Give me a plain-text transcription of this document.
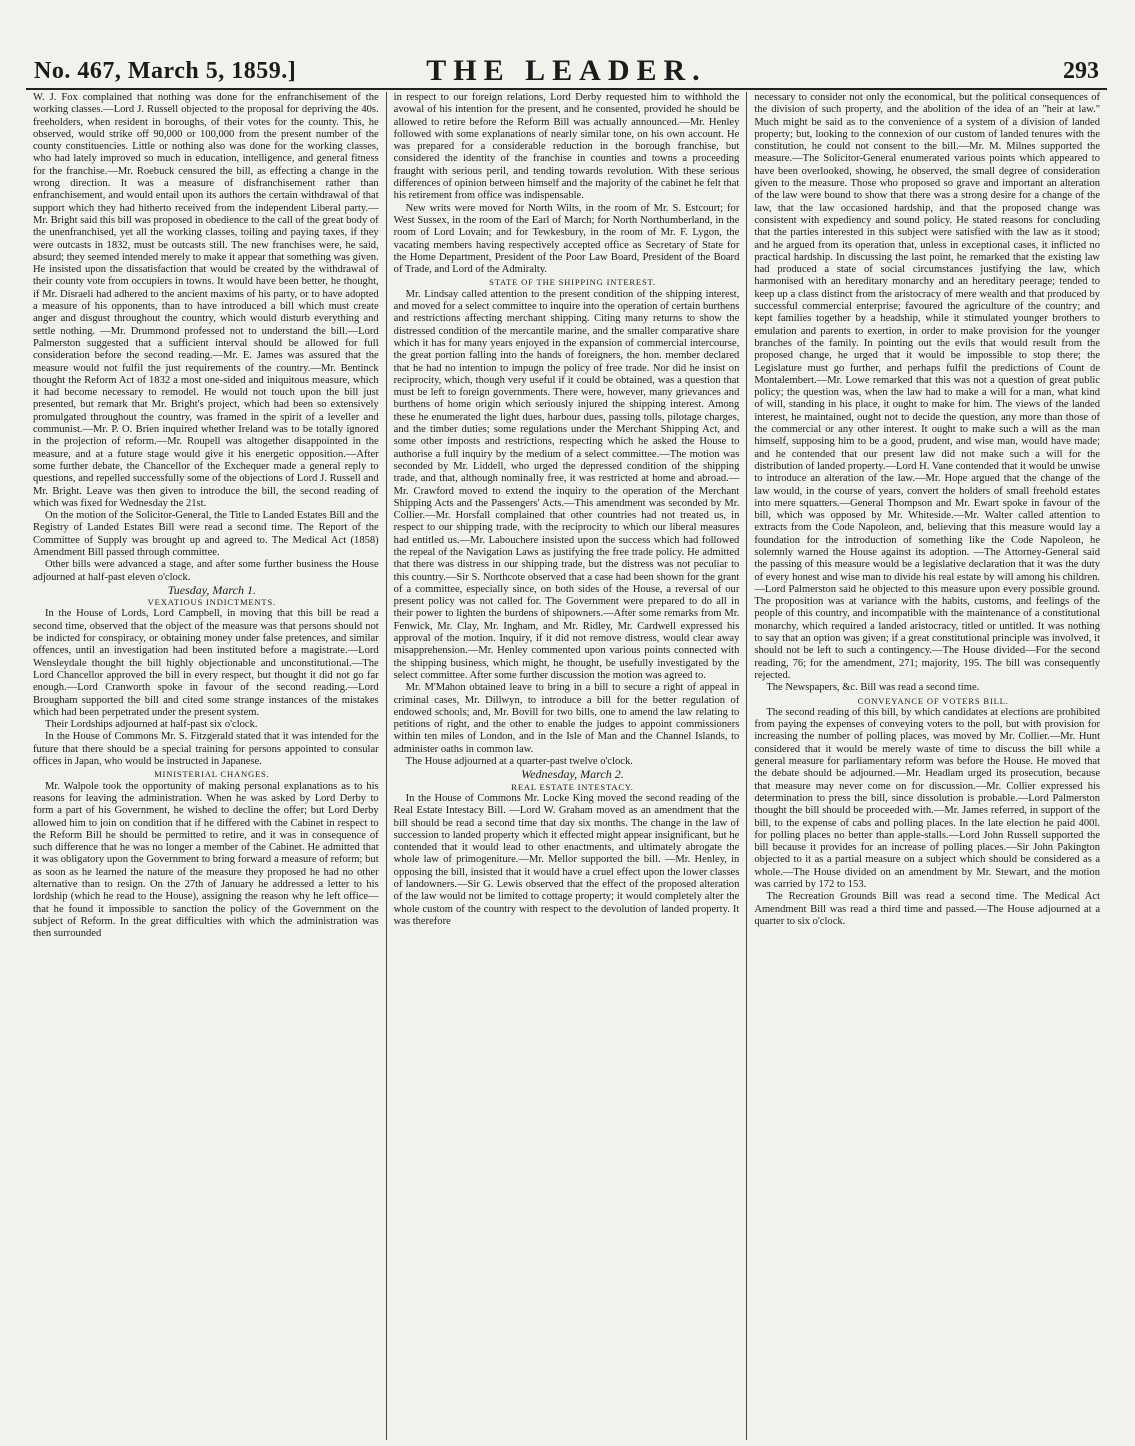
No. 467, March 5, 1859.]	THE LEADER.	293

W. J. Fox complained that nothing was done for the enfranchisement of the working classes.—Lord J. Russell objected to the proposal for depriving the 40s. freeholders, when resident in boroughs, of their votes for the county. This, he observed, would strike off 90,000 or 100,000 from the present number of the county constituencies. Little or nothing also was done for the working classes, who had lately improved so much in education, intelligence, and general fitness for the franchise.—Mr. Roebuck censured the bill, as effecting a change in the wrong direction. It was a measure of disfranchisement rather than enfranchisement, and would entail upon its authors the certain withdrawal of that support which they had hitherto received from the independent Liberal party.—Mr. Bright said this bill was proposed in obedience to the call of the great body of the unenfranchised, yet all the working classes, toiling and paying taxes, if they were outcasts in 1832, must be outcasts still. The new franchises were, he said, absurd; they seemed intended merely to make it appear that something was given. He insisted upon the dissatisfaction that would be created by the withdrawal of their county vote from occupiers in towns. It would have been better, he thought, if Mr. Disraeli had adhered to the ancient maxims of his party, or to have adopted a measure of his opponents, than to have introduced a bill which must create anger and disgust throughout the country, which would disturb everything and settle nothing. —Mr. Drummond professed not to understand the bill.—Lord Palmerston suggested that a sufficient interval should be allowed for full consideration before the second reading.—Mr. E. James was assured that the measure would not fulfil the just requirements of the country.—Mr. Bentinck thought the Reform Act of 1832 a most one-sided and iniquitous measure, which it had become necessary to remodel. He would not touch upon the bill just presented, but remark that Mr. Bright's project, which had been so extensively promulgated throughout the country, was framed in the spirit of a leveller and communist.—Mr. P. O. Brien inquired whether Ireland was to be totally ignored in the projection of reform.—Mr. Roupell was altogether disappointed in the measure, and at a future stage would give it his energetic opposition.—After some further debate, the Chancellor of the Exchequer made a general reply to questions, and repelled successfully some of the objections of Lord J. Russell and Mr. Bright. Leave was then given to introduce the bill, the second reading of which was fixed for Wednesday the 21st.

On the motion of the Solicitor-General, the Title to Landed Estates Bill and the Registry of Landed Estates Bill were read a second time. The Report of the Committee of Supply was brought up and agreed to. The Medical Act (1858) Amendment Bill passed through committee.

Other bills were advanced a stage, and after some further business the House adjourned at half-past eleven o'clock.

Tuesday, March 1.

VEXATIOUS INDICTMENTS.

In the House of Lords, Lord Campbell, in moving that this bill be read a second time, observed that the object of the measure was that persons should not be indicted for conspiracy, or obtaining money under false pretences, and similar offences, until an investigation had been instituted before a magistrate.—Lord Wensleydale thought the bill highly objectionable and unconstitutional.—The Lord Chancellor approved the bill in every respect, but thought it did not go far enough.—Lord Cranworth spoke in favour of the second reading.—Lord Brougham supported the bill and cited some strange instances of the mistakes which had been perpetrated under the present system.

Their Lordships adjourned at half-past six o'clock.

In the House of Commons Mr. S. Fitzgerald stated that it was intended for the future that there should be a special training for persons appointed to consular offices in Japan, who would be instructed in Japanese.

MINISTERIAL CHANGES.

Mr. Walpole took the opportunity of making personal explanations as to his reasons for leaving the administration. When he was asked by Lord Derby to form a part of his Government, he wished to decline the offer; but Lord Derby allowed him to join on condition that if he differed with the Cabinet in respect to the Reform Bill he should be permitted to retire, and it was in consequence of such difference that he was no longer a member of the Cabinet. He admitted that it was obligatory upon the Government to bring forward a measure of reform; but as soon as he learned the nature of the measure they proposed he had no other alternative than to resign. On the 27th of January he addressed a letter to his lordship (which he read to the House), assigning the reason why he left office—that he found it impossible to sanction the policy of the Government on the subject of Reform. In the great difficulties with which the administration was then surrounded

in respect to our foreign relations, Lord Derby requested him to withhold the avowal of his intention for the present, and he consented, provided he should be allowed to retire before the Reform Bill was actually announced.—Mr. Henley followed with some explanations of nearly similar tone, on his own account. He was prepared for a considerable reduction in the borough franchise, but considered the identity of the franchise in counties and towns a proceeding fraught with serious peril, and tending towards revolution. With these serious differences of opinion between himself and the majority of the cabinet he felt that his retirement from office was indispensable.

New writs were moved for North Wilts, in the room of Mr. S. Estcourt; for West Sussex, in the room of the Earl of March; for North Northumberland, in the room of Lord Lovain; and for Tewkesbury, in the room of Mr. F. Lygon, the vacating members having respectively accepted office as Secretary of State for the Home Department, President of the Poor Law Board, President of the Board of Trade, and Lord of the Admiralty.

STATE OF THE SHIPPING INTEREST.

Mr. Lindsay called attention to the present condition of the shipping interest, and moved for a select committee to inquire into the operation of certain burthens and restrictions affecting merchant shipping. Citing many returns to show the distressed condition of the mercantile marine, and the smaller comparative share which it has for many years enjoyed in the expansion of commercial intercourse, the great portion falling into the hands of foreigners, the hon. member declared that he had no intention to impugn the policy of free trade. Nor did he insist on reciprocity, which, though very useful if it could be obtained, was a question that must be left to foreign governments. There were, however, many grievances and burthens of home origin which seriously injured the shipping interest. Among these he enumerated the light dues, harbour dues, passing tolls, pilotage charges, and the timber duties; some regulations under the Merchant Shipping Act, and some other imposts and restrictions, respecting which he asked the House to authorise a full inquiry by the medium of a select committee.—The motion was seconded by Mr. Liddell, who urged the depressed condition of the shipping trade, and that, although nominally free, it was restricted at home and abroad.—Mr. Crawford moved to extend the inquiry to the operation of the Merchant Shipping Acts and the Passengers' Acts.—This amendment was seconded by Mr. Collier.—Mr. Horsfall complained that other countries had not treated us, in respect to our shipping trade, with the reciprocity to which our liberal measures had entitled us.—Mr. Labouchere insisted upon the success which had followed the repeal of the Navigation Laws as justifying the free trade policy. He admitted that there was distress in our shipping trade, but the distress was not peculiar to this country.—Sir S. Northcote observed that a case had been shown for the grant of a committee, especially since, on both sides of the House, a reversal of our present policy was not called for. The Government were prepared to do all in their power to lighten the burdens of shipowners.—After some remarks from Mr. Fenwick, Mr. Clay, Mr. Ingham, and Mr. Ridley, Mr. Cardwell expressed his approval of the motion. Inquiry, if it did not remove distress, would clear away misapprehension.—Mr. Henley commented upon various points connected with the shipping business, which might, he thought, be usefully investigated by the select committee. After some further discussion the motion was agreed to.

Mr. M'Mahon obtained leave to bring in a bill to secure a right of appeal in criminal cases, Mr. Dillwyn, to introduce a bill for the better regulation of endowed schools; and, Mr. Bovill for two bills, one to amend the law relating to petitions of right, and the other to enable the judges to appoint commissioners within ten miles of London, and in the Isle of Man and the Channel Islands, to administer oaths in common law.

The House adjourned at a quarter-past twelve o'clock.

Wednesday, March 2.

REAL ESTATE INTESTACY.

In the House of Commons Mr. Locke King moved the second reading of the Real Estate Intestacy Bill. —Lord W. Graham moved as an amendment that the bill should be read a second time that day six months. The change in the law of succession to landed property which it effected might appear insignificant, but he contended that it would lead to other enactments, and ultimately abrogate the whole law of primogeniture.—Mr. Mellor supported the bill. —Mr. Henley, in opposing the bill, insisted that it would have a cruel effect upon the lower classes of landowners.—Sir G. Lewis observed that the effect of the proposed alteration of the law would not be limited to cottage property; it would completely alter the whole custom of the country with respect to the devolution of landed property. It was therefore

necessary to consider not only the economical, but the political consequences of the division of such property, and the abolition of the idea of an "heir at law." Much might be said as to the convenience of a system of a division of landed property; but, looking to the connexion of our custom of landed tenures with the constitution, he could not consent to the bill.—Mr. M. Milnes supported the measure.—The Solicitor-General enumerated various points which appeared to have been overlooked, showing, he observed, the small degree of consideration given to the measure. Those who proposed so grave and important an alteration of the law were bound to show that there was a strong desire for a change of the law, that the law occasioned hardship, and that the proposed change was consistent with expediency and sound policy. He stated reasons for concluding that the parties interested in this subject were satisfied with the law as it stood; and he argued from its operation that, unless in exceptional cases, it inflicted no practical hardship. In discussing the last point, he remarked that the existing law had produced a state of social circumstances justifying the law, which harmonised with an hereditary monarchy and an hereditary peerage; tended to keep up a class distinct from the aristocracy of mere wealth and that produced by successful commercial enterprise; favoured the agriculture of the country; and kept families together by a headship, while it stimulated younger brothers to emulation and parents to exertion, in order to make provision for the younger branches of the family. In pointing out the evils that would result from the proposed change, he urged that it would be impossible to stop there; the Legislature must go further, and perhaps fulfil the predictions of Count de Montalembert.—Mr. Lowe remarked that this was not a question of great public policy; the question was, when the law had to make a will for a man, what kind of will, standing in his place, it ought to make for him. The views of the landed interest, he maintained, ought not to decide the question, any more than those of the commercial or any other interest. It ought to make such a will as the man himself, supposing him to be a good, prudent, and wise man, would have made; and he contended that our present law did not make such a will for the distribution of landed property.—Lord H. Vane contended that it would be unwise to introduce an alteration of the law.—Mr. Hope argued that the change of the law would, in the course of years, convert the holders of small freehold estates into mere squatters.—General Thompson and Mr. Ewart spoke in favour of the bill, which was opposed by Mr. Whiteside.—Mr. Walter called attention to extracts from the Code Napoleon, and, believing that this measure would lay a foundation for the introduction of something like the Code Napoleon, he solemnly warned the House against its adoption. —The Attorney-General said the passing of this measure would be a legislative declaration that it was the duty of every honest and wise man to divide his real estate by will among his children.—Lord Palmerston said he objected to this measure upon every possible ground. The proposition was at variance with the habits, customs, and feelings of the people of this country, and incompatible with the maintenance of a constitutional monarchy, which required a landed aristocracy, titled or untitled. It was nothing to say that an option was given; if a great constitutional principle was involved, it should not be left to such a contingency.—The House divided—For the second reading, 76; for the amendment, 271; majority, 195. The bill was consequently rejected.

The Newspapers, &c. Bill was read a second time.

CONVEYANCE OF VOTERS BILL.

The second reading of this bill, by which candidates at elections are prohibited from paying the expenses of conveying voters to the poll, but with provision for increasing the number of polling places, was moved by Mr. Collier.—Mr. Hunt considered that it would be merely waste of time to discuss the bill while a general measure for parliamentary reform was before the House. He moved that the debate should be adjourned.—Mr. Headlam urged its prosecution, because that measure may never come on for discussion.—Mr. Collier expressed his determination to press the bill, since dissolution is probable.—Lord Palmerston thought the bill should be proceeded with.—Mr. James referred, in support of the bill, to the expense of cabs and polling places. In the late election he paid 400l. for polling places no better than apple-stalls.—Lord John Russell supported the bill because it provides for an increase of polling places.—Sir John Pakington objected to it as a partial measure on a subject which should be considered as a whole.—The House divided on an amendment by Mr. Stewart, and the motion was carried by 172 to 153.

The Recreation Grounds Bill was read a second time. The Medical Act Amendment Bill was read a third time and passed.—The House adjourned at a quarter to six o'clock.
